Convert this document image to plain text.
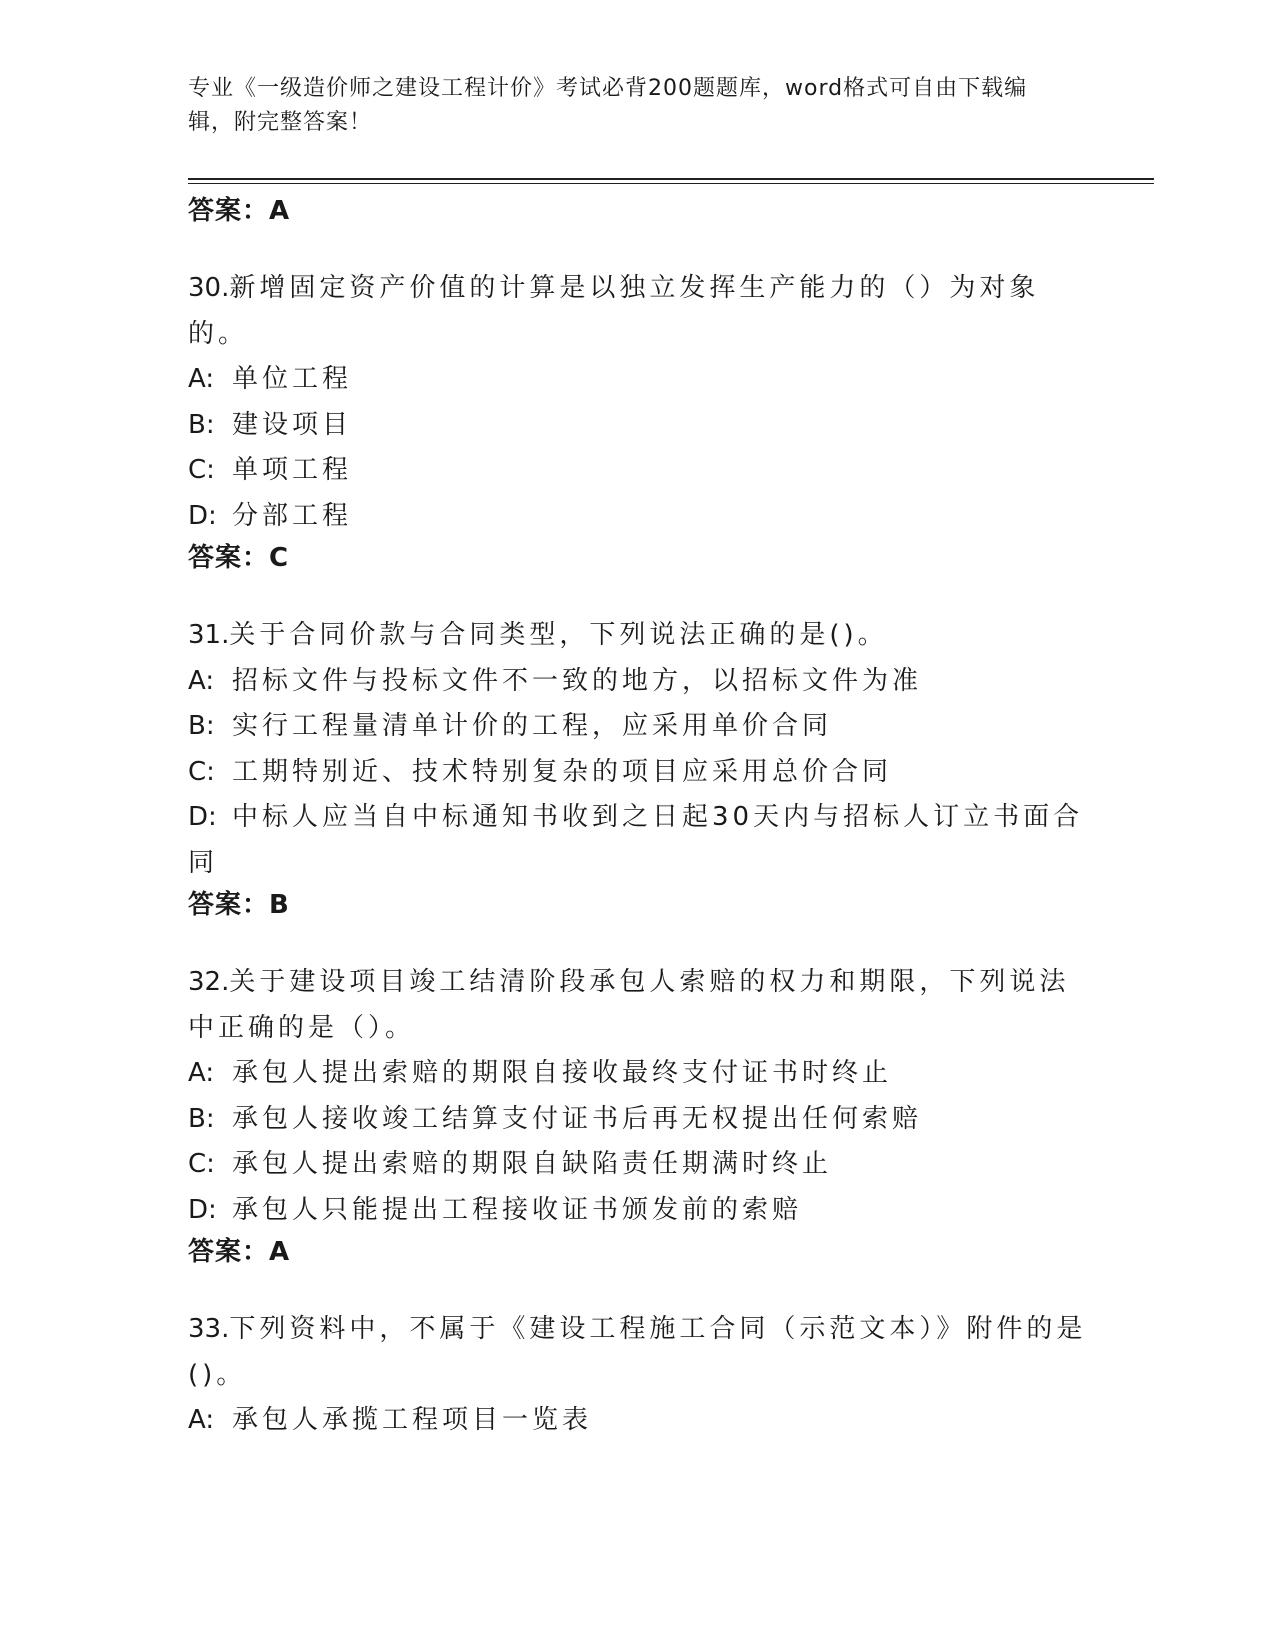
专业《一级造价师之建设工程计价》考试必背200题题库，word格式可自由下载编辑，附完整答案！
答案：A
30.新增固定资产价值的计算是以独立发挥生产能力的（）为对象的。
A: 单位工程
B: 建设项目
C: 单项工程
D: 分部工程
答案：C
31.关于合同价款与合同类型，下列说法正确的是()。
A: 招标文件与投标文件不一致的地方，以招标文件为准
B: 实行工程量清单计价的工程，应采用单价合同
C: 工期特别近、技术特别复杂的项目应采用总价合同
D: 中标人应当自中标通知书收到之日起30天内与招标人订立书面合同
答案：B
32.关于建设项目竣工结清阶段承包人索赔的权力和期限，下列说法中正确的是（）。
A: 承包人提出索赔的期限自接收最终支付证书时终止
B: 承包人接收竣工结算支付证书后再无权提出任何索赔
C: 承包人提出索赔的期限自缺陷责任期满时终止
D: 承包人只能提出工程接收证书颁发前的索赔
答案：A
33.下列资料中，不属于《建设工程施工合同（示范文本）》附件的是()。
A: 承包人承揽工程项目一览表
